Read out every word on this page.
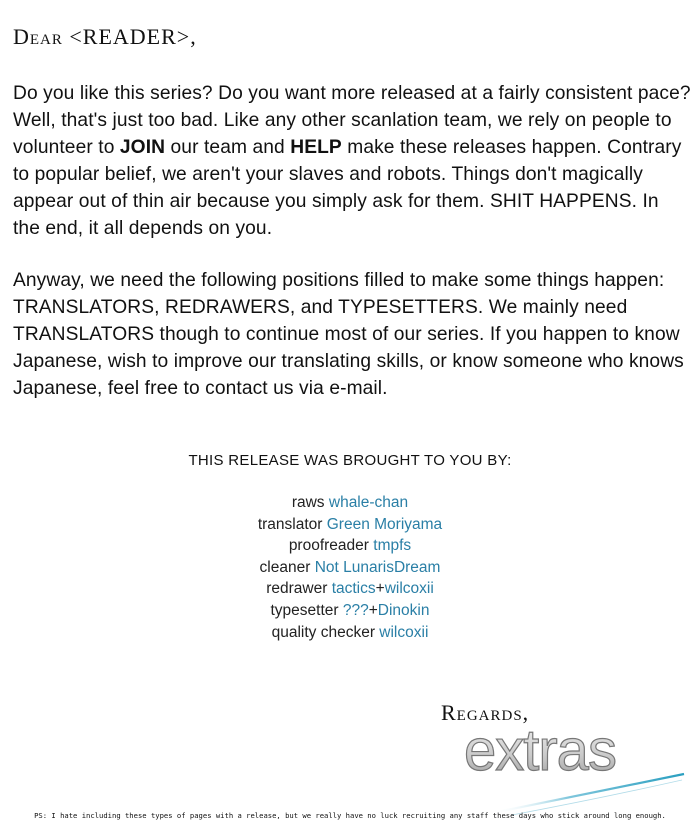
Dear <READER>,

Do you like this series? Do you want more released at a fairly consistent pace? Well, that's just too bad. Like any other scanlation team, we rely on people to volunteer to JOIN our team and HELP make these releases happen. Contrary to popular belief, we aren't your slaves and robots. Things don't magically appear out of thin air because you simply ask for them. SHIT HAPPENS. In the end, it all depends on you.

Anyway, we need the following positions filled to make some things happen: TRANSLATORS, REDRAWERS, and TYPESETTERS. We mainly need TRANSLATORS though to continue most of our series. If you happen to know Japanese, wish to improve our translating skills, or know someone who knows Japanese, feel free to contact us via e-mail.

THIS RELEASE WAS BROUGHT TO YOU BY:
raws whale-chan
translator Green Moriyama
proofreader tmpfs
cleaner Not LunarisDream
redrawer tactics+wilcoxii
typesetter ???+Dinokin
quality checker wilcoxii
Regards,
extras
PS: I hate including these types of pages with a release, but we really have no luck recruiting any staff these days who stick around long enough.
